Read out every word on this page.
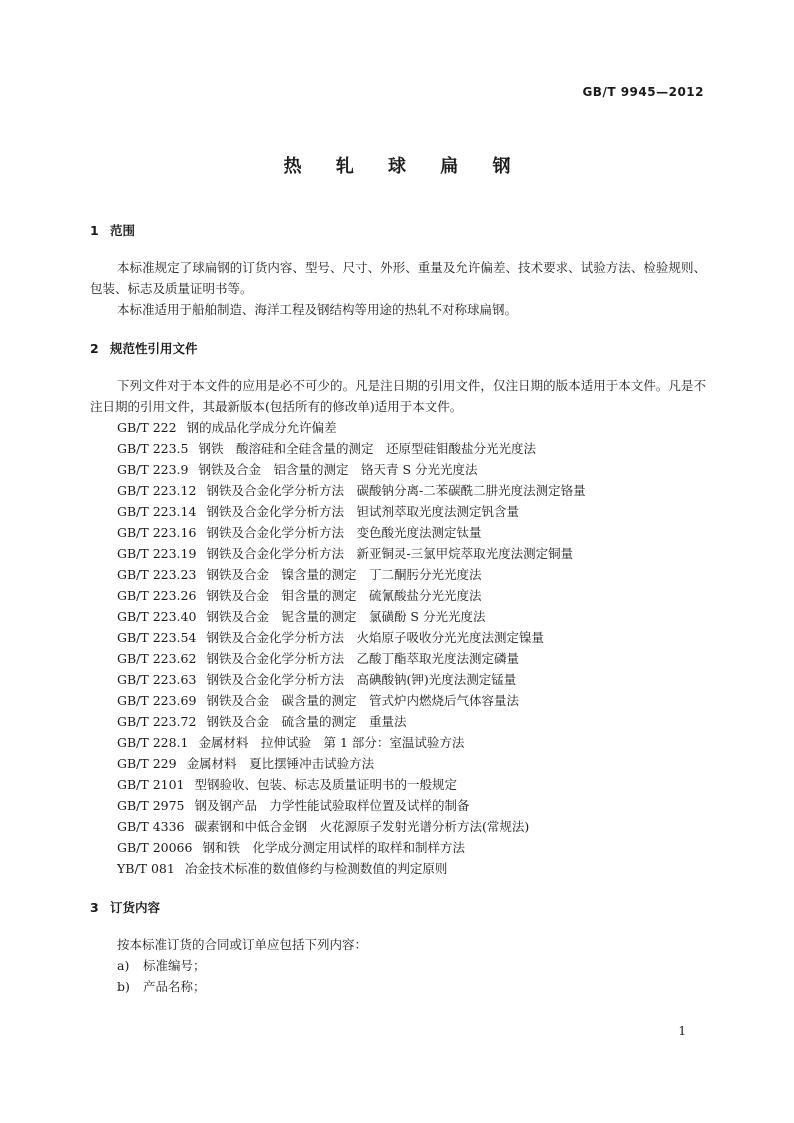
GB/T 9945—2012
热 轧 球 扁 钢
1 范围

本标准规定了球扁钢的订货内容、型号、尺寸、外形、重量及允许偏差、技术要求、试验方法、检验规则、包装、标志及质量证明书等。

本标准适用于船舶制造、海洋工程及钢结构等用途的热轧不对称球扁钢。

2 规范性引用文件

下列文件对于本文件的应用是必不可少的。凡是注日期的引用文件，仅注日期的版本适用于本文件。凡是不注日期的引用文件，其最新版本(包括所有的修改单)适用于本文件。

GB/T 222 钢的成品化学成分允许偏差
GB/T 223.5 钢铁　酸溶硅和全硅含量的测定　还原型硅钼酸盐分光光度法
GB/T 223.9 钢铁及合金　铝含量的测定　铬天青 S 分光光度法
GB/T 223.12 钢铁及合金化学分析方法　碳酸钠分离-二苯碳酰二肼光度法测定铬量
GB/T 223.14 钢铁及合金化学分析方法　钽试剂萃取光度法测定钒含量
GB/T 223.16 钢铁及合金化学分析方法　变色酸光度法测定钛量
GB/T 223.19 钢铁及合金化学分析方法　新亚铜灵-三氯甲烷萃取光度法测定铜量
GB/T 223.23 钢铁及合金　镍含量的测定　丁二酮肟分光光度法
GB/T 223.26 钢铁及合金　钼含量的测定　硫氰酸盐分光光度法
GB/T 223.40 钢铁及合金　铌含量的测定　氯磺酚 S 分光光度法
GB/T 223.54 钢铁及合金化学分析方法　火焰原子吸收分光光度法测定镍量
GB/T 223.62 钢铁及合金化学分析方法　乙酸丁酯萃取光度法测定磷量
GB/T 223.63 钢铁及合金化学分析方法　高碘酸钠(钾)光度法测定锰量
GB/T 223.69 钢铁及合金　碳含量的测定　管式炉内燃烧后气体容量法
GB/T 223.72 钢铁及合金　硫含量的测定　重量法
GB/T 228.1 金属材料　拉伸试验　第 1 部分：室温试验方法
GB/T 229 金属材料　夏比摆锤冲击试验方法
GB/T 2101 型钢验收、包装、标志及质量证明书的一般规定
GB/T 2975 钢及钢产品　力学性能试验取样位置及试样的制备
GB/T 4336 碳素钢和中低合金钢　火花源原子发射光谱分析方法(常规法)
GB/T 20066 钢和铁　化学成分测定用试样的取样和制样方法
YB/T 081 冶金技术标准的数值修约与检测数值的判定原则
3 订货内容

按本标准订货的合同或订单应包括下列内容：

a) 标准编号；
b) 产品名称；
1
